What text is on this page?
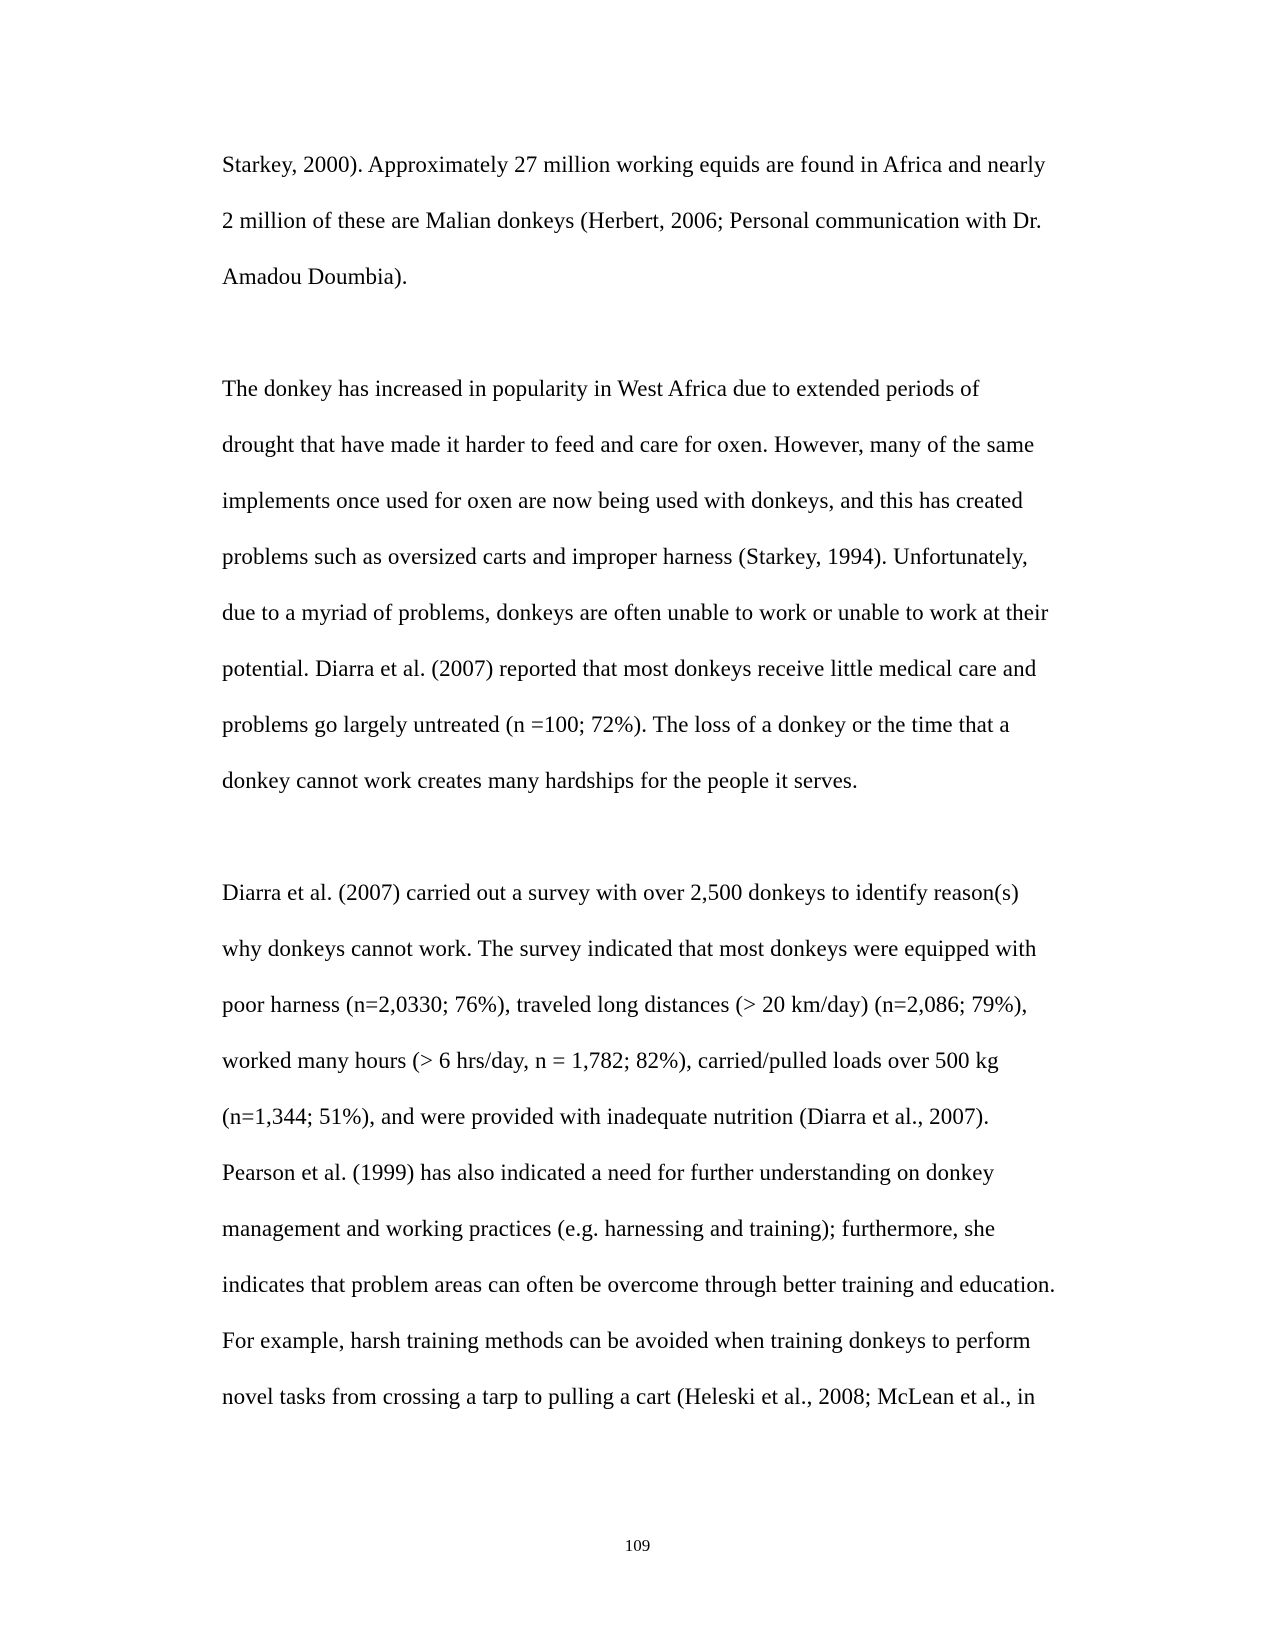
Starkey, 2000). Approximately 27 million working equids are found in Africa and nearly
2 million of these are Malian donkeys (Herbert, 2006; Personal communication with Dr.
Amadou Doumbia).
The donkey has increased in popularity in West Africa due to extended periods of
drought that have made it harder to feed and care for oxen. However, many of the same
implements once used for oxen are now being used with donkeys, and this has created
problems such as oversized carts and improper harness (Starkey, 1994). Unfortunately,
due to a myriad of problems, donkeys are often unable to work or unable to work at their
potential. Diarra et al. (2007) reported that most donkeys receive little medical care and
problems go largely untreated (n =100; 72%). The loss of a donkey or the time that a
donkey cannot work creates many hardships for the people it serves.
Diarra et al. (2007) carried out a survey with over 2,500 donkeys to identify reason(s)
why donkeys cannot work. The survey indicated that most donkeys were equipped with
poor harness (n=2,0330; 76%), traveled long distances (> 20 km/day) (n=2,086; 79%),
worked many hours (> 6 hrs/day, n = 1,782; 82%), carried/pulled loads over 500 kg
(n=1,344; 51%), and were provided with inadequate nutrition (Diarra et al., 2007).
Pearson et al. (1999) has also indicated a need for further understanding on donkey
management and working practices (e.g. harnessing and training); furthermore, she
indicates that problem areas can often be overcome through better training and education.
For example, harsh training methods can be avoided when training donkeys to perform
novel tasks from crossing a tarp to pulling a cart (Heleski et al., 2008; McLean et al., in
109
